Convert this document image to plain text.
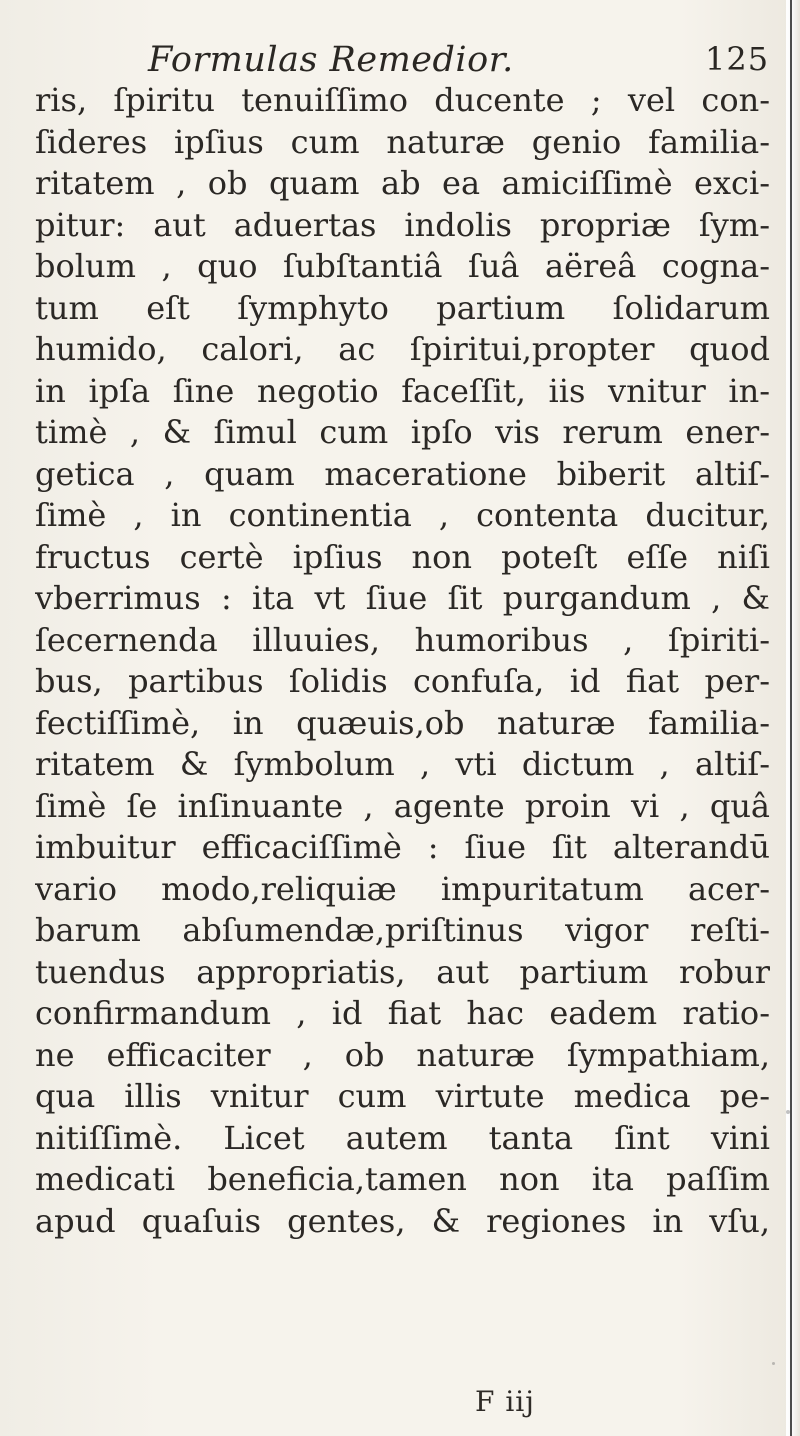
Formulas Remedior.	125
ris, ſpiritu tenuiſſimo ducente ; vel con-
ſideres ipſius cum naturæ genio familia-
ritatem , ob quam ab ea amiciſſimè exci-
pitur: aut aduertas indolis propriæ ſym-
bolum , quo ſubſtantiâ ſuâ aëreâ cogna-
tum eſt ſymphyto partium ſolidarum
humido, calori, ac ſpiritui,propter quod
in ipſa ſine negotio faceſſit, iis vnitur in-
timè , & ſimul cum ipſo vis rerum ener-
getica , quam maceratione biberit altiſ-
ſimè , in continentia , contenta ducitur,
fructus certè ipſius non poteſt eſſe niſi
vberrimus : ita vt ſiue ſit purgandum , &
ſecernenda illuuies, humoribus , ſpiriti-
bus, partibus ſolidis confuſa, id fiat per-
fectiſſimè, in quæuis,ob naturæ familia-
ritatem & ſymbolum , vti dictum , altiſ-
ſimè ſe inſinuante , agente proin vi , quâ
imbuitur efficaciſſimè : ſiue ſit alterandū
vario modo,reliquiæ impuritatum acer-
barum abſumendæ,priſtinus vigor reſti-
tuendus appropriatis, aut partium robur
confirmandum , id fiat hac eadem ratio-
ne efficaciter , ob naturæ ſympathiam,
qua illis vnitur cum virtute medica pe-
nitiſſimè. Licet autem tanta ſint vini
medicati beneficia,tamen non ita paſſim
apud quaſuis gentes, & regiones in vſu,
F iij
